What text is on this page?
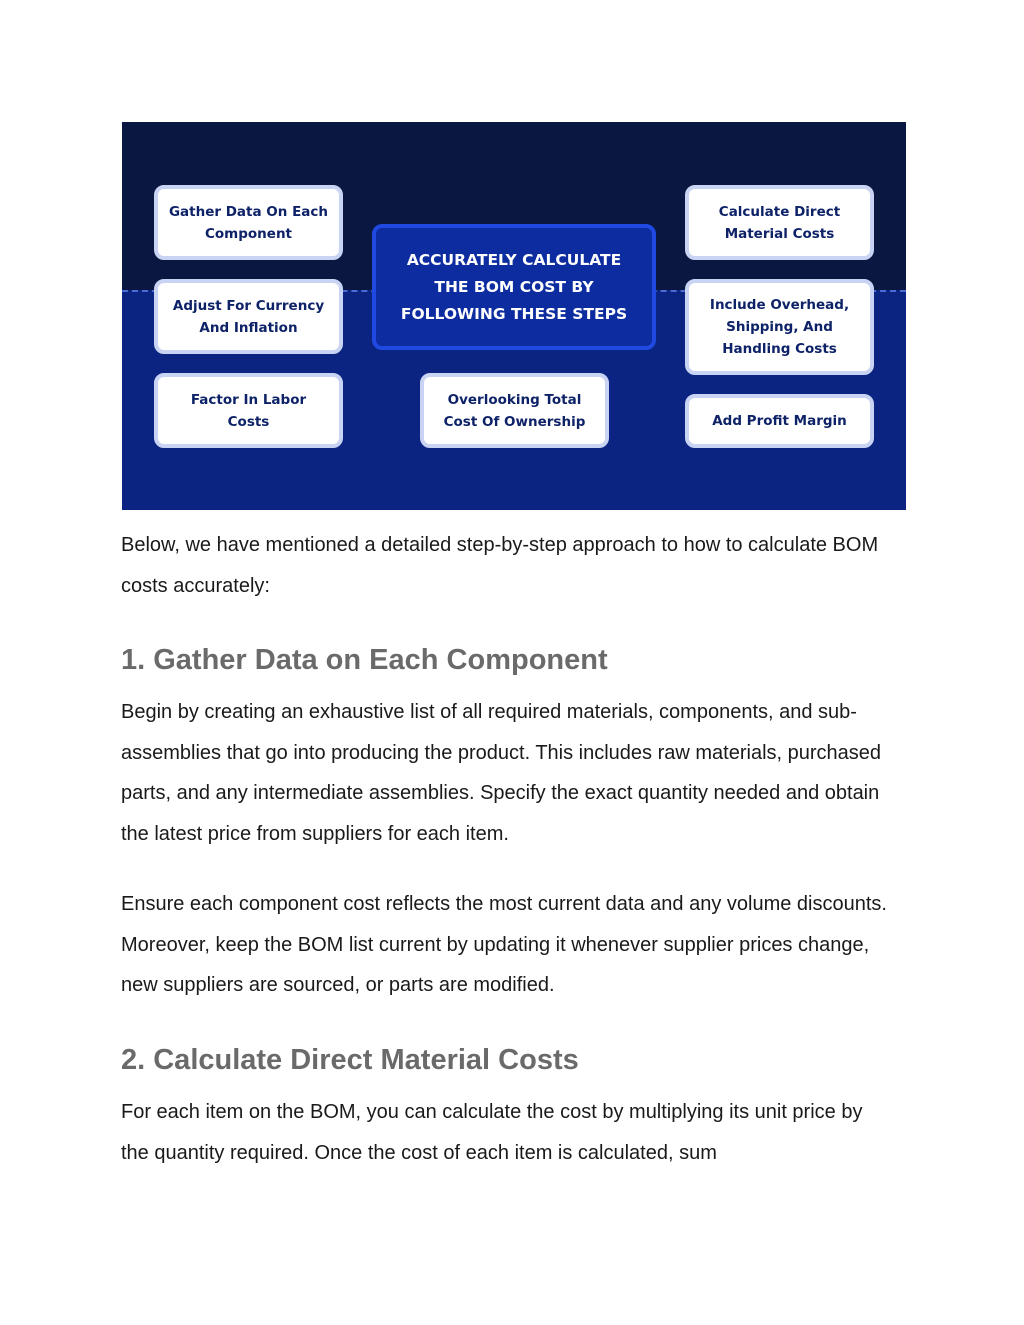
Gather Data On Each
Component
Adjust For Currency
And Inflation
Factor In Labor
Costs
ACCURATELY CALCULATE
THE BOM COST BY
FOLLOWING THESE STEPS
Overlooking Total
Cost Of Ownership
Calculate Direct
Material Costs
Include Overhead,
Shipping, And
Handling Costs
Add Profit Margin

Below, we have mentioned a detailed step-by-step approach to how to calculate BOM costs accurately:

1. Gather Data on Each Component

Begin by creating an exhaustive list of all required materials, components, and sub-assemblies that go into producing the product. This includes raw materials, purchased parts, and any intermediate assemblies. Specify the exact quantity needed and obtain the latest price from suppliers for each item.

Ensure each component cost reflects the most current data and any volume discounts. Moreover, keep the BOM list current by updating it whenever supplier prices change, new suppliers are sourced, or parts are modified.

2. Calculate Direct Material Costs

For each item on the BOM, you can calculate the cost by multiplying its unit price by the quantity required. Once the cost of each item is calculated, sum
